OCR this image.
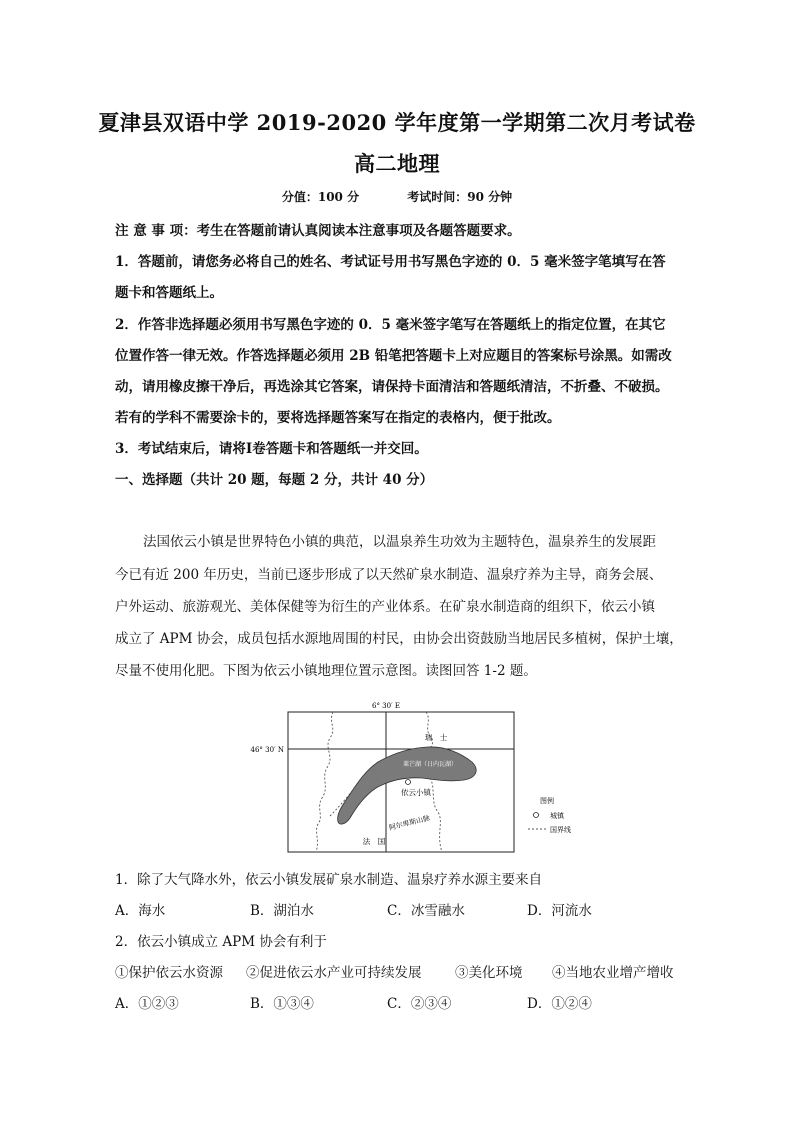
夏津县双语中学 2019-2020 学年度第一学期第二次月考试卷
高二地理
分值：100 分	考试时间：90 分钟
注 意 事 项：考生在答题前请认真阅读本注意事项及各题答题要求。
1．答题前，请您务必将自己的姓名、考试证号用书写黑色字迹的 0．5 毫米签字笔填写在答
题卡和答题纸上。
2．作答非选择题必须用书写黑色字迹的 0．5 毫米签字笔写在答题纸上的指定位置，在其它
位置作答一律无效。作答选择题必须用 2B 铅笔把答题卡上对应题目的答案标号涂黑。如需改
动，请用橡皮擦干净后，再选涂其它答案，请保持卡面清洁和答题纸清洁，不折叠、不破损。
若有的学科不需要涂卡的，要将选择题答案写在指定的表格内，便于批改。
3．考试结束后，请将Ⅰ卷答题卡和答题纸一并交回。
一、选择题（共计 20 题，每题 2 分，共计 40 分）
法国依云小镇是世界特色小镇的典范，以温泉养生功效为主题特色，温泉养生的发展距
今已有近 200 年历史，当前已逐步形成了以天然矿泉水制造、温泉疗养为主导，商务会展、
户外运动、旅游观光、美体保健等为衍生的产业体系。在矿泉水制造商的组织下，依云小镇
成立了 APM 协会，成员包括水源地周围的村民，由协会出资鼓励当地居民多植树，保护土壤，
尽量不使用化肥。下图为依云小镇地理位置示意图。读图回答 1-2 题。
6° 30′ E
46° 30′ N
莱芒湖（日内瓦湖）
瑞　士
依云小镇
阿尔卑斯山脉
法　国
图例
城镇
国界线
1．除了大气降水外，依云小镇发展矿泉水制造、温泉疗养水源主要来自
A．海水	B．湖泊水	C．冰雪融水	D．河流水
2．依云小镇成立 APM 协会有利于
①保护依云水资源 ②促进依云水产业可持续发展 ③美化环境 ④当地农业增产增收
A．①②③	B．①③④	C．②③④	D．①②④
